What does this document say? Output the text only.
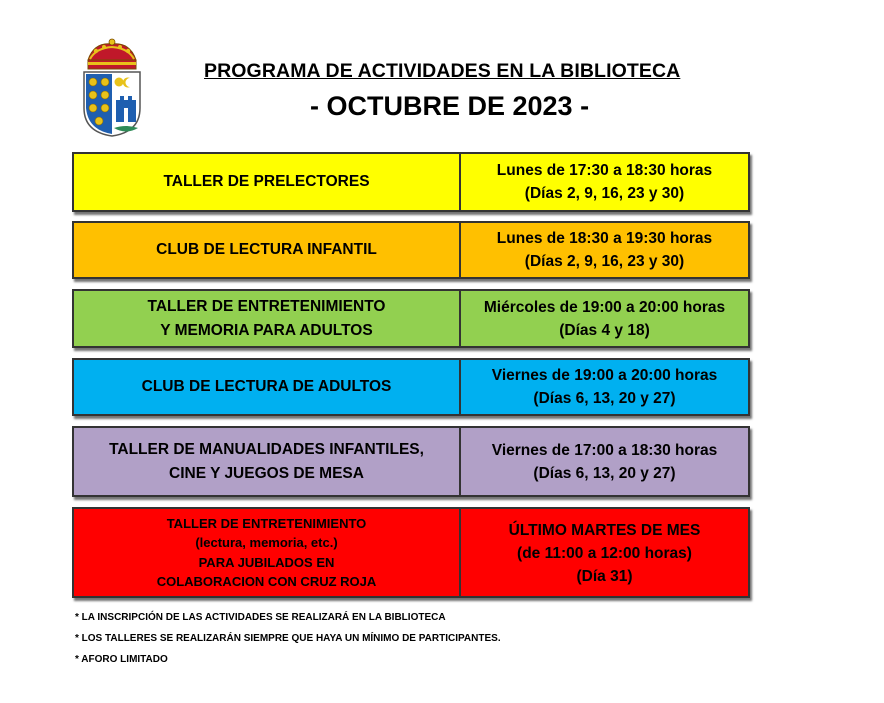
PROGRAMA DE ACTIVIDADES EN LA BIBLIOTECA
- OCTUBRE DE 2023 -
TALLER DE PRELECTORES
Lunes de 17:30 a 18:30 horas
(Días 2, 9, 16, 23 y 30)
CLUB DE LECTURA INFANTIL
Lunes de 18:30 a 19:30 horas
(Días 2, 9, 16, 23 y 30)
TALLER DE ENTRETENIMIENTO
Y MEMORIA PARA ADULTOS
Miércoles de 19:00 a 20:00 horas
(Días 4 y 18)
CLUB DE LECTURA DE ADULTOS
Viernes de 19:00 a 20:00 horas
(Días 6, 13, 20 y 27)
TALLER DE MANUALIDADES INFANTILES,
CINE Y JUEGOS DE MESA
Viernes de 17:00 a 18:30 horas
(Días 6, 13, 20 y 27)
TALLER DE ENTRETENIMIENTO
(lectura, memoria, etc.)
PARA JUBILADOS EN
COLABORACION CON CRUZ ROJA
ÚLTIMO MARTES DE MES
(de 11:00 a 12:00 horas)
(Día 31)
* LA INSCRIPCIÓN DE LAS ACTIVIDADES SE REALIZARÁ EN LA BIBLIOTECA
* LOS TALLERES SE REALIZARÁN SIEMPRE QUE HAYA UN MÍNIMO DE PARTICIPANTES.
* AFORO LIMITADO
